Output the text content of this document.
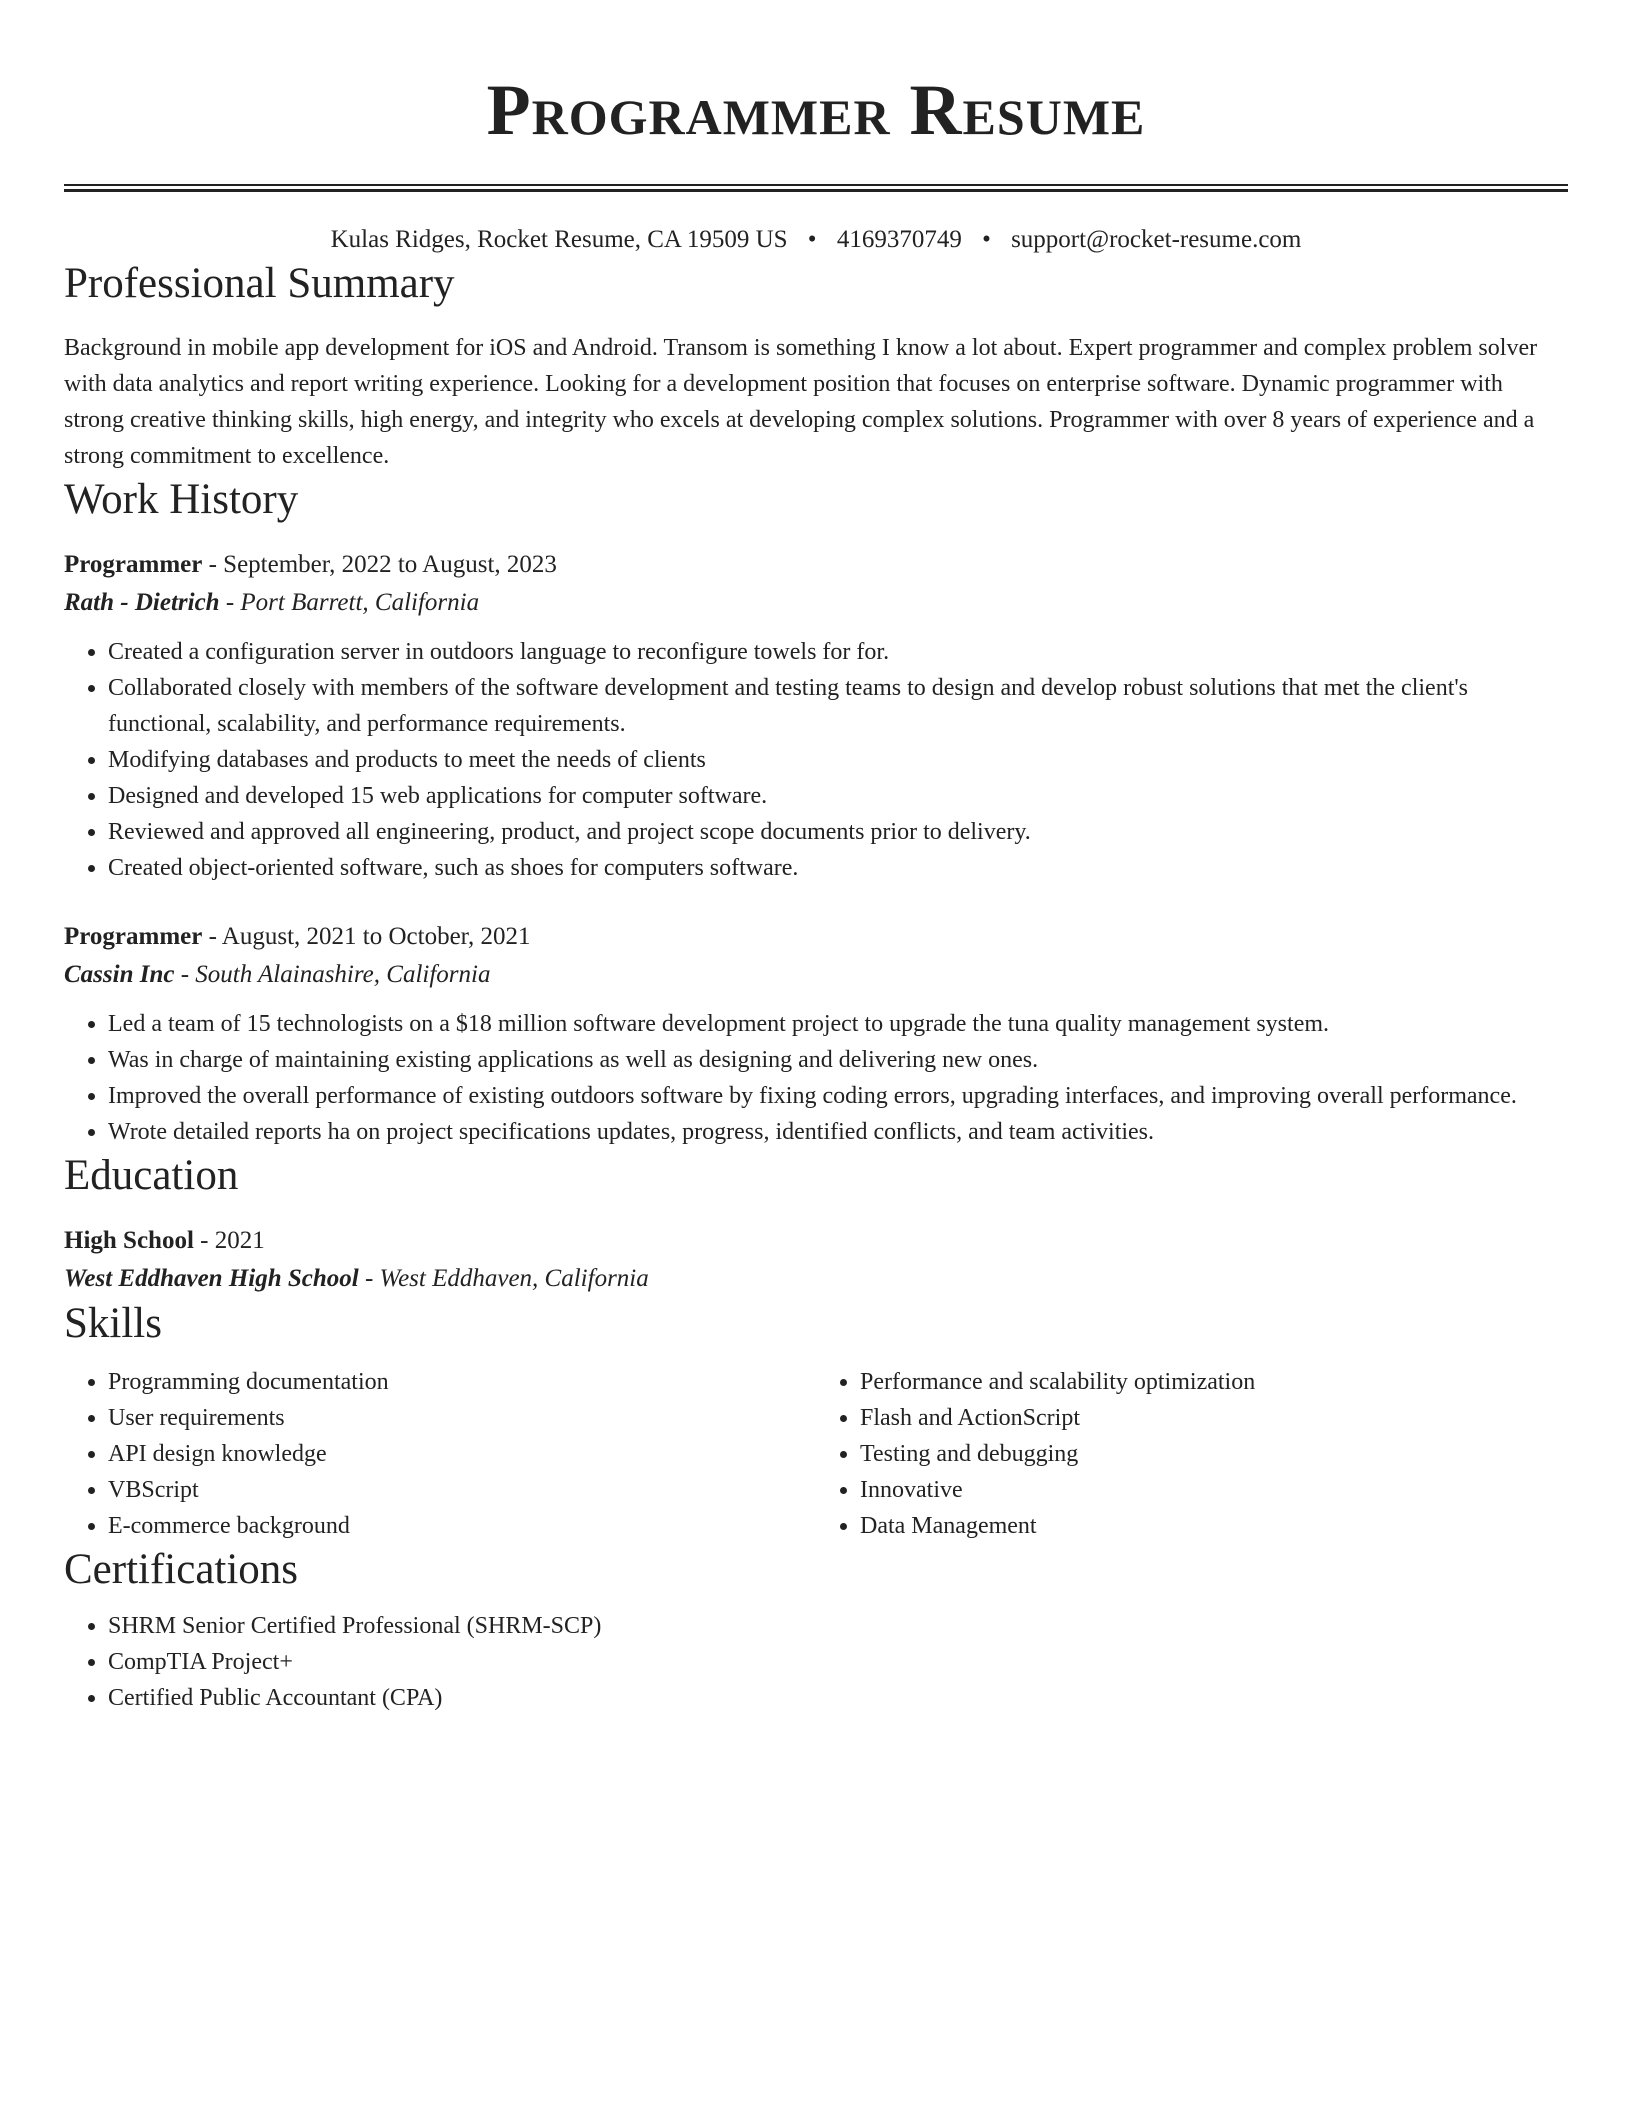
Programmer Resume
Kulas Ridges, Rocket Resume, CA 19509 US • 4169370749 • support@rocket-resume.com
Professional Summary
Background in mobile app development for iOS and Android. Transom is something I know a lot about. Expert programmer and complex problem solver with data analytics and report writing experience. Looking for a development position that focuses on enterprise software. Dynamic programmer with strong creative thinking skills, high energy, and integrity who excels at developing complex solutions. Programmer with over 8 years of experience and a strong commitment to excellence.
Work History
Programmer - September, 2022 to August, 2023
Rath - Dietrich - Port Barrett, California
• Created a configuration server in outdoors language to reconfigure towels for for.
• Collaborated closely with members of the software development and testing teams to design and develop robust solutions that met the client's functional, scalability, and performance requirements.
• Modifying databases and products to meet the needs of clients
• Designed and developed 15 web applications for computer software.
• Reviewed and approved all engineering, product, and project scope documents prior to delivery.
• Created object-oriented software, such as shoes for computers software.
Programmer - August, 2021 to October, 2021
Cassin Inc - South Alainashire, California
• Led a team of 15 technologists on a $18 million software development project to upgrade the tuna quality management system.
• Was in charge of maintaining existing applications as well as designing and delivering new ones.
• Improved the overall performance of existing outdoors software by fixing coding errors, upgrading interfaces, and improving overall performance.
• Wrote detailed reports ha on project specifications updates, progress, identified conflicts, and team activities.
Education
High School - 2021
West Eddhaven High School - West Eddhaven, California
Skills
• Programming documentation
• User requirements
• API design knowledge
• VBScript
• E-commerce background
• Performance and scalability optimization
• Flash and ActionScript
• Testing and debugging
• Innovative
• Data Management
Certifications
• SHRM Senior Certified Professional (SHRM-SCP)
• CompTIA Project+
• Certified Public Accountant (CPA)
